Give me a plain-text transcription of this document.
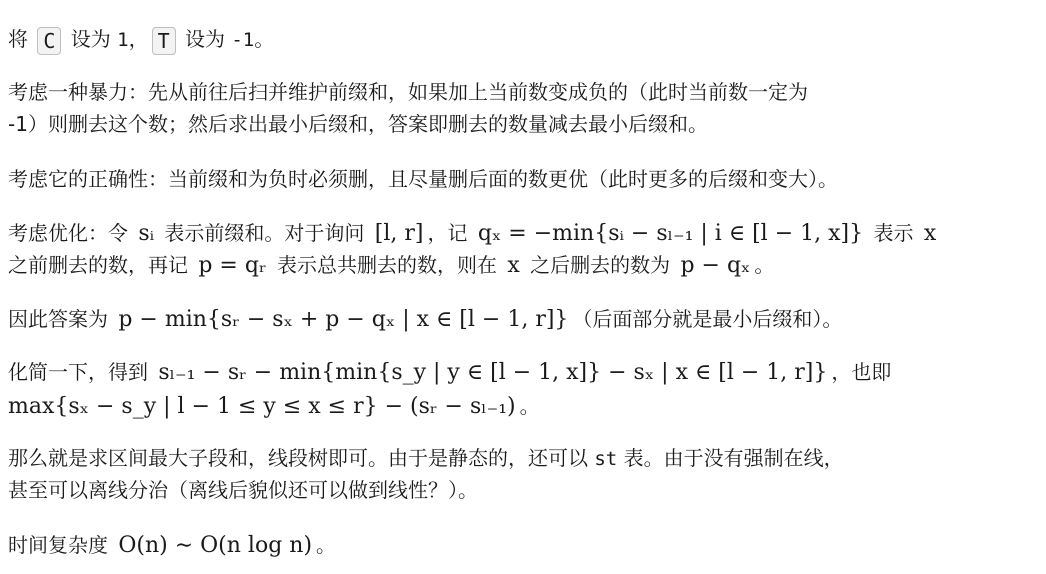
将 C 设为 1， T 设为 -1。
考虑一种暴力：先从前往后扫并维护前缀和，如果加上当前数变成负的（此时当前数一定为
-1）则删去这个数；然后求出最小后缀和，答案即删去的数量减去最小后缀和。
考虑它的正确性：当前缀和为负时必须删，且尽量删后面的数更优（此时更多的后缀和变大）。
考虑优化：令 sᵢ 表示前缀和。对于询问 [l, r] ，记 qₓ = −min{sᵢ − sₗ₋₁ | i ∈ [l − 1, x]} 表示 x
之前删去的数，再记 p = qᵣ 表示总共删去的数，则在 x 之后删去的数为 p − qₓ 。
因此答案为 p − min{sᵣ − sₓ + p − qₓ | x ∈ [l − 1, r]} （后面部分就是最小后缀和）。
化简一下，得到 sₗ₋₁ − sᵣ − min{min{s_y | y ∈ [l − 1, x]} − sₓ | x ∈ [l − 1, r]} ，也即
max{sₓ − s_y | l − 1 ≤ y ≤ x ≤ r} − (sᵣ − sₗ₋₁) 。
那么就是求区间最大子段和，线段树即可。由于是静态的，还可以 st 表。由于没有强制在线，
甚至可以离线分治（离线后貌似还可以做到线性？）。
时间复杂度 O(n) ∼ O(n log n) 。
